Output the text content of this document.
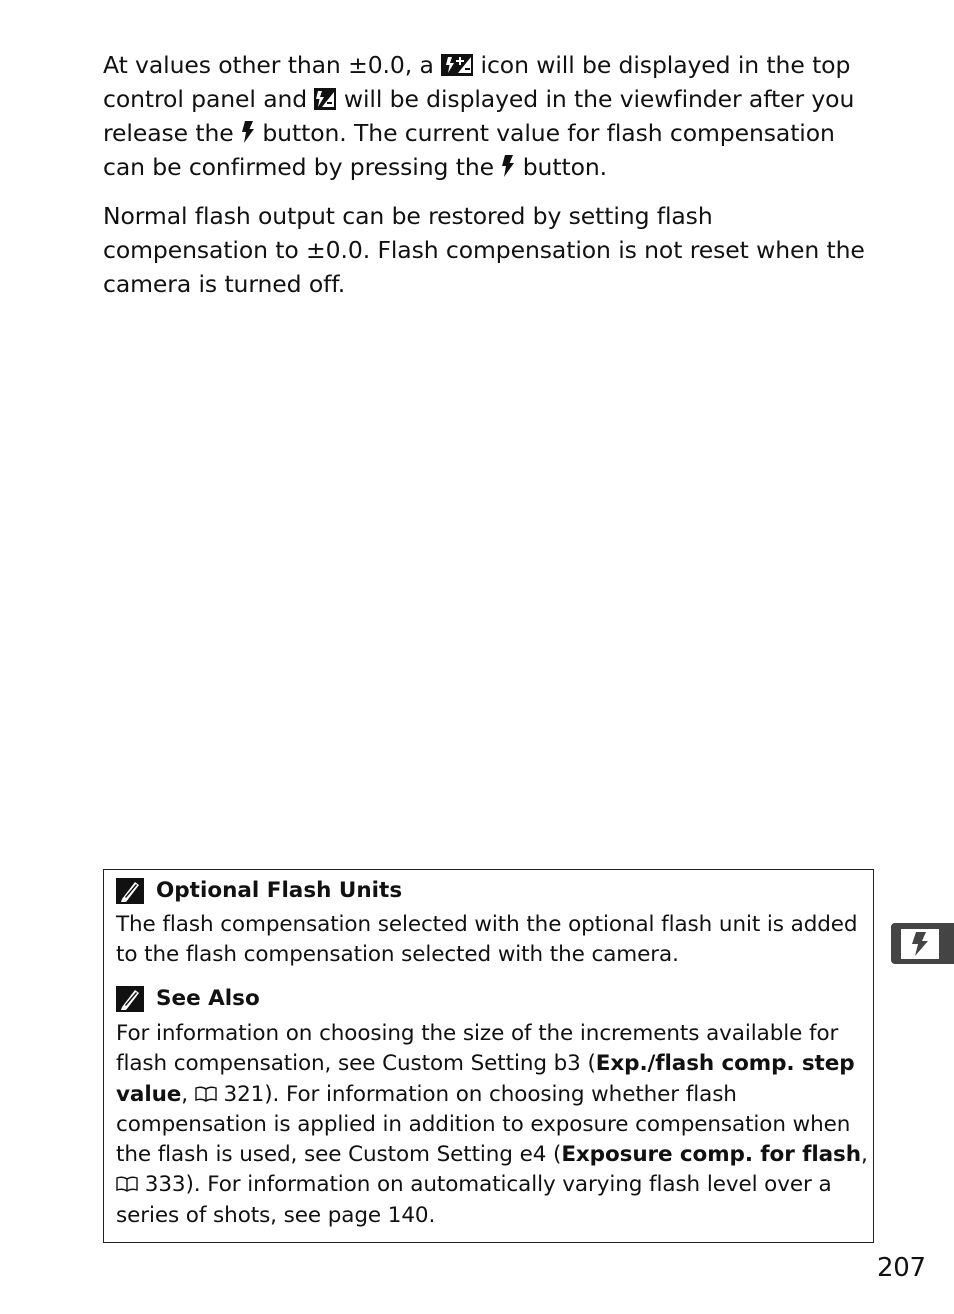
At values other than ±0.0, a  icon will be displayed in the top control panel and  will be displayed in the viewfinder after you release the  button. The current value for flash compensation can be confirmed by pressing the  button.

Normal flash output can be restored by setting flash compensation to ±0.0. Flash compensation is not reset when the camera is turned off.

Optional Flash Units

The flash compensation selected with the optional flash unit is added to the flash compensation selected with the camera.

See Also

For information on choosing the size of the increments available for flash compensation, see Custom Setting b3 (Exp./flash comp. step value,  321). For information on choosing whether flash compensation is applied in addition to exposure compensation when the flash is used, see Custom Setting e4 (Exposure comp. for flash,
333). For information on automatically varying flash level over a series of shots, see page 140.

207
